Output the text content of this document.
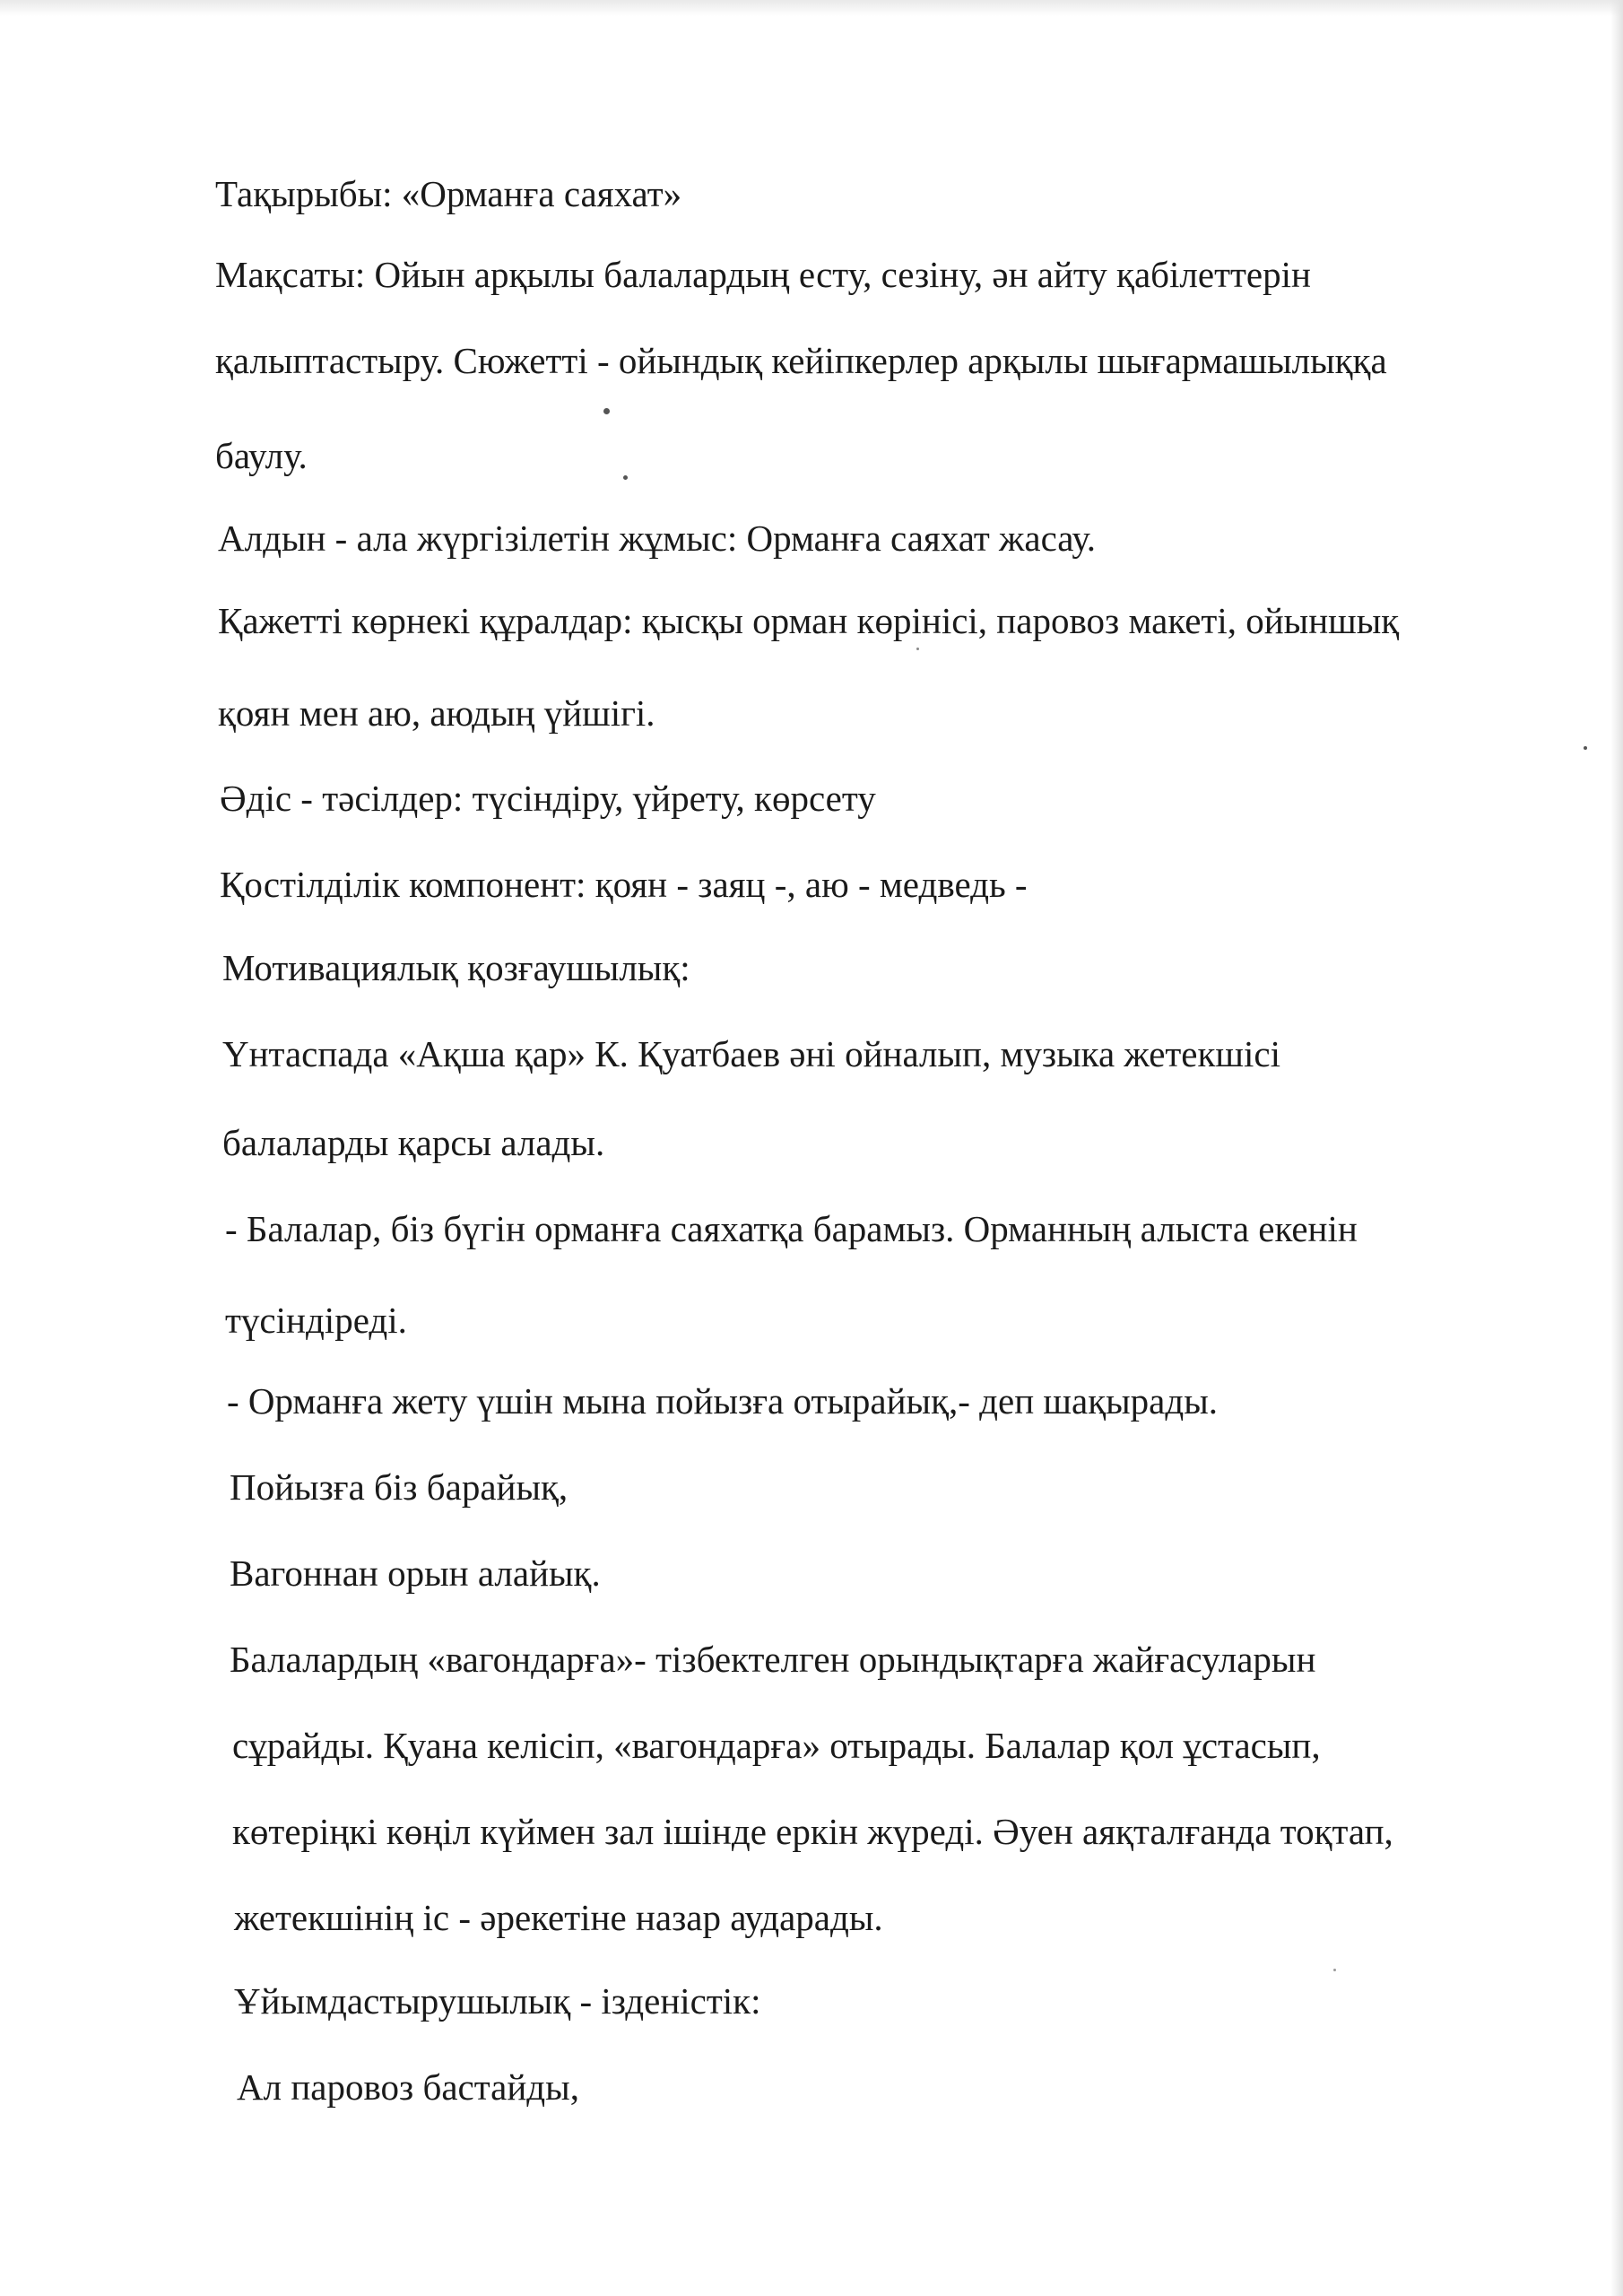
Тақырыбы: «Орманға саяхат»

Мақсаты: Ойын арқылы балалардың есту, сезіну, ән айту қабілеттерін

қалыптастыру. Сюжетті - ойындық кейіпкерлер арқылы шығармашылыққа

баулу.

Алдын - ала жүргізілетін жұмыс: Орманға саяхат жасау.

Қажетті көрнекі құралдар: қысқы орман көрінісі, паровоз макеті, ойыншық

қоян мен аю, аюдың үйшігі.

Әдіс - тәсілдер: түсіндіру, үйрету, көрсету

Қостілділік компонент: қоян - заяц -, аю - медведь -

Мотивациялық қозғаушылық:

Үнтаспада «Ақша қар» К. Қуатбаев әні ойналып, музыка жетекшісі

балаларды қарсы алады.

- Балалар, біз бүгін орманға саяхатқа барамыз. Орманның алыста екенін

түсіндіреді.

- Орманға жету үшін мына пойызға отырайық,- деп шақырады.

Пойызға біз барайық,

Вагоннан орын алайық.

Балалардың «вагондарға»- тізбектелген орындықтарға жайғасуларын

сұрайды. Қуана келісіп, «вагондарға» отырады. Балалар қол ұстасып,

көтеріңкі көңіл күймен зал ішінде еркін жүреді. Әуен аяқталғанда тоқтап,

жетекшінің іс - әрекетіне назар аударады.

Ұйымдастырушылық - ізденістік:

Ал паровоз бастайды,
